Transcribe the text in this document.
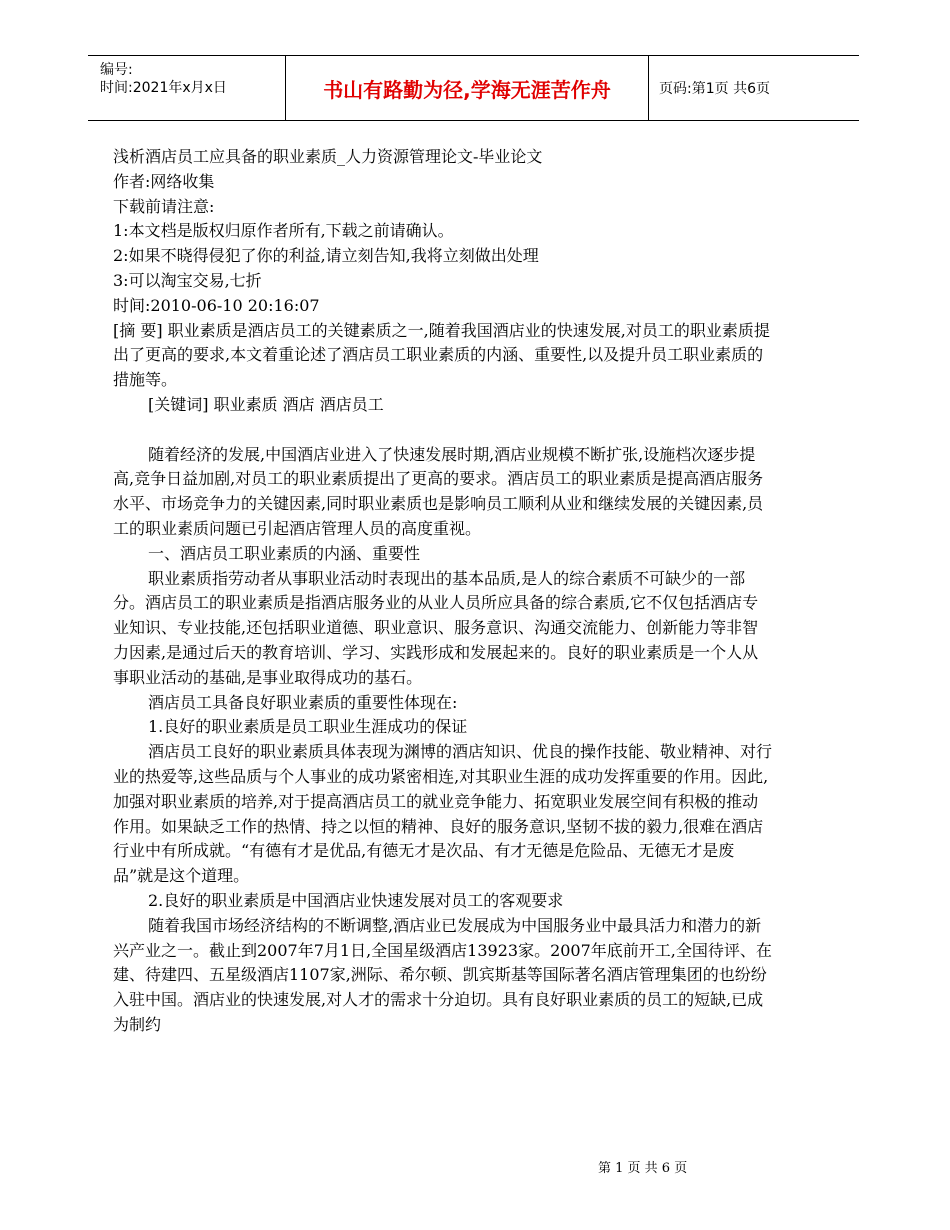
编号:
时间:2021年x月x日	书山有路勤为径,学海无涯苦作舟	页码:第1页 共6页

浅析酒店员工应具备的职业素质_人力资源管理论文-毕业论文

作者:网络收集

下载前请注意:

1:本文档是版权归原作者所有,下载之前请确认。

2:如果不晓得侵犯了你的利益,请立刻告知,我将立刻做出处理

3:可以淘宝交易,七折

时间:2010-06-10 20:16:07

[摘 要] 职业素质是酒店员工的关键素质之一,随着我国酒店业的快速发展,对员工的职业素质提出了更高的要求,本文着重论述了酒店员工职业素质的内涵、重要性,以及提升员工职业素质的措施等。

[关键词] 职业素质 酒店 酒店员工

随着经济的发展,中国酒店业进入了快速发展时期,酒店业规模不断扩张,设施档次逐步提高,竞争日益加剧,对员工的职业素质提出了更高的要求。酒店员工的职业素质是提高酒店服务水平、市场竞争力的关键因素,同时职业素质也是影响员工顺利从业和继续发展的关键因素,员工的职业素质问题已引起酒店管理人员的高度重视。

一、酒店员工职业素质的内涵、重要性

职业素质指劳动者从事职业活动时表现出的基本品质,是人的综合素质不可缺少的一部分。酒店员工的职业素质是指酒店服务业的从业人员所应具备的综合素质,它不仅包括酒店专业知识、专业技能,还包括职业道德、职业意识、服务意识、沟通交流能力、创新能力等非智力因素,是通过后天的教育培训、学习、实践形成和发展起来的。良好的职业素质是一个人从事职业活动的基础,是事业取得成功的基石。

酒店员工具备良好职业素质的重要性体现在:

1.良好的职业素质是员工职业生涯成功的保证

酒店员工良好的职业素质具体表现为渊博的酒店知识、优良的操作技能、敬业精神、对行业的热爱等,这些品质与个人事业的成功紧密相连,对其职业生涯的成功发挥重要的作用。因此,加强对职业素质的培养,对于提高酒店员工的就业竞争能力、拓宽职业发展空间有积极的推动作用。如果缺乏工作的热情、持之以恒的精神、良好的服务意识,坚韧不拔的毅力,很难在酒店行业中有所成就。“有德有才是优品,有德无才是次品、有才无德是危险品、无德无才是废品”就是这个道理。

2.良好的职业素质是中国酒店业快速发展对员工的客观要求

随着我国市场经济结构的不断调整,酒店业已发展成为中国服务业中最具活力和潜力的新兴产业之一。截止到2007年7月1日,全国星级酒店13923家。2007年底前开工,全国待评、在建、待建四、五星级酒店1107家,洲际、希尔顿、凯宾斯基等国际著名酒店管理集团的也纷纷入驻中国。酒店业的快速发展,对人才的需求十分迫切。具有良好职业素质的员工的短缺,已成为制约

第 1 页 共 6 页
